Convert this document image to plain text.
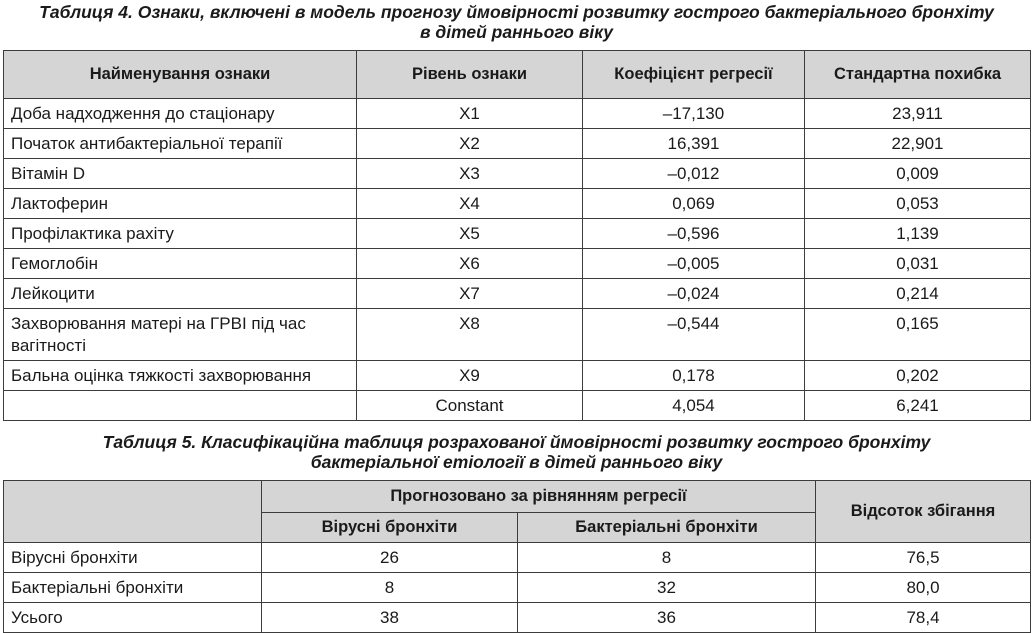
Таблиця 4. Ознаки, включені в модель прогнозу ймовірності розвитку гострого бактеріального бронхіту
в дітей раннього віку
Найменування ознаки	Рівень ознаки	Коефіцієнт регресії	Стандартна похибка
Доба надходження до стаціонару	X1	–17,130	23,911
Початок антибактеріальної терапії	X2	16,391	22,901
Вітамін D	X3	–0,012	0,009
Лактоферин	X4	0,069	0,053
Профілактика рахіту	X5	–0,596	1,139
Гемоглобін	X6	–0,005	0,031
Лейкоцити	X7	–0,024	0,214
Захворювання матері на ГРВІ під час вагітності	X8	–0,544	0,165
Бальна оцінка тяжкості захворювання	X9	0,178	0,202
	Constant	4,054	6,241
Таблиця 5. Класифікаційна таблиця розрахованої ймовірності розвитку гострого бронхіту
бактеріальної етіології в дітей раннього віку
	Прогнозовано за рівнянням регресії		Відсоток збігання
	Вірусні бронхіти	Бактеріальні бронхіти	
Вірусні бронхіти	26	8	76,5
Бактеріальні бронхіти	8	32	80,0
Усього	38	36	78,4
